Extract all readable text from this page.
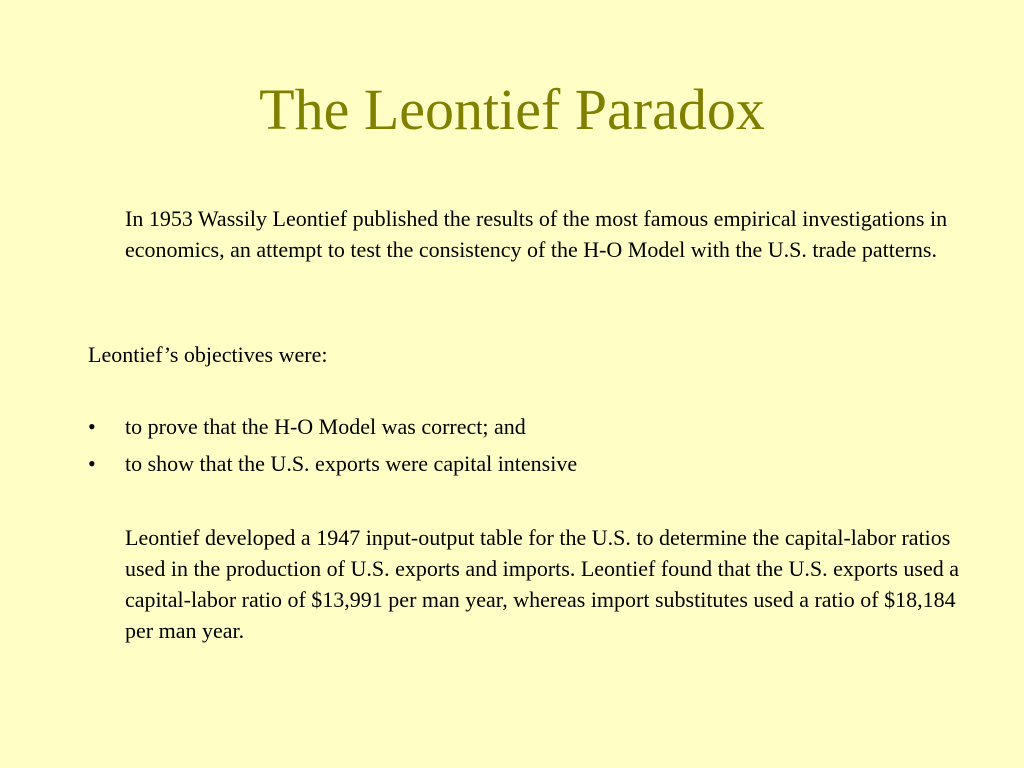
The Leontief Paradox

In 1953 Wassily Leontief published the results of the most famous empirical investigations in economics, an attempt to test the consistency of the H-O Model with the U.S. trade patterns.

Leontief’s objectives were:

•	to prove that the H-O Model was correct; and
•	to show that the U.S. exports were capital intensive

Leontief developed a 1947 input-output table for the U.S. to determine the capital-labor ratios used in the production of U.S. exports and imports. Leontief found that the U.S. exports used a capital-labor ratio of $13,991 per man year, whereas import substitutes used a ratio of $18,184 per man year.
